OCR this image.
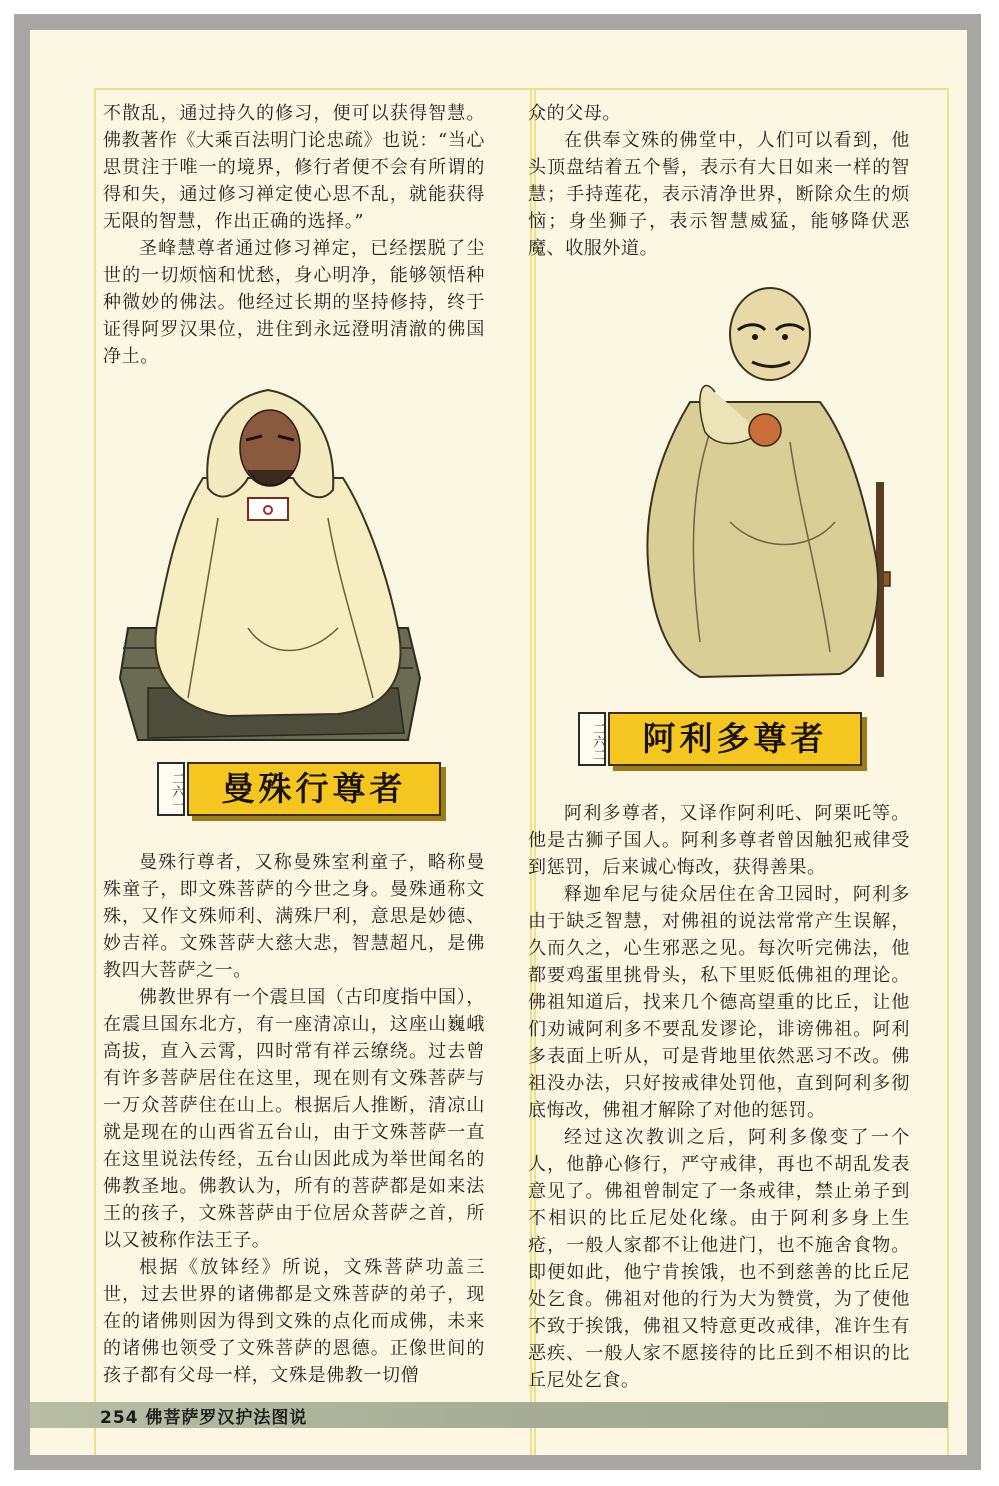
不散乱，通过持久的修习，便可以获得智慧。佛教著作《大乘百法明门论忠疏》也说：“当心思贯注于唯一的境界，修行者便不会有所谓的得和失，通过修习禅定使心思不乱，就能获得无限的智慧，作出正确的选择。”

圣峰慧尊者通过修习禅定，已经摆脱了尘世的一切烦恼和忧愁，身心明净，能够领悟种种微妙的佛法。他经过长期的坚持修持，终于证得阿罗汉果位，进住到永远澄明清澈的佛国净土。

二六一	曼殊行尊者

曼殊行尊者，又称曼殊室利童子，略称曼殊童子，即文殊菩萨的今世之身。曼殊通称文殊，又作文殊师利、满殊尸利，意思是妙德、妙吉祥。文殊菩萨大慈大悲，智慧超凡，是佛教四大菩萨之一。

佛教世界有一个震旦国（古印度指中国），在震旦国东北方，有一座清凉山，这座山巍峨高拔，直入云霄，四时常有祥云缭绕。过去曾有许多菩萨居住在这里，现在则有文殊菩萨与一万众菩萨住在山上。根据后人推断，清凉山就是现在的山西省五台山，由于文殊菩萨一直在这里说法传经，五台山因此成为举世闻名的佛教圣地。佛教认为，所有的菩萨都是如来法王的孩子，文殊菩萨由于位居众菩萨之首，所以又被称作法王子。

根据《放钵经》所说，文殊菩萨功盖三世，过去世界的诸佛都是文殊菩萨的弟子，现在的诸佛则因为得到文殊的点化而成佛，未来的诸佛也领受了文殊菩萨的恩德。正像世间的孩子都有父母一样，文殊是佛教一切僧

众的父母。

在供奉文殊的佛堂中，人们可以看到，他头顶盘结着五个髻，表示有大日如来一样的智慧；手持莲花，表示清净世界，断除众生的烦恼；身坐狮子，表示智慧威猛，能够降伏恶魔、收服外道。

二六二	阿利多尊者

阿利多尊者，又译作阿利吒、阿栗吒等。他是古狮子国人。阿利多尊者曾因触犯戒律受到惩罚，后来诚心悔改，获得善果。

释迦牟尼与徒众居住在舍卫园时，阿利多由于缺乏智慧，对佛祖的说法常常产生误解，久而久之，心生邪恶之见。每次听完佛法，他都要鸡蛋里挑骨头，私下里贬低佛祖的理论。佛祖知道后，找来几个德高望重的比丘，让他们劝诫阿利多不要乱发谬论，诽谤佛祖。阿利多表面上听从，可是背地里依然恶习不改。佛祖没办法，只好按戒律处罚他，直到阿利多彻底悔改，佛祖才解除了对他的惩罚。

经过这次教训之后，阿利多像变了一个人，他静心修行，严守戒律，再也不胡乱发表意见了。佛祖曾制定了一条戒律，禁止弟子到不相识的比丘尼处化缘。由于阿利多身上生疮，一般人家都不让他进门，也不施舍食物。即便如此，他宁肯挨饿，也不到慈善的比丘尼处乞食。佛祖对他的行为大为赞赏，为了使他不致于挨饿，佛祖又特意更改戒律，准许生有恶疾、一般人家不愿接待的比丘到不相识的比丘尼处乞食。

254 佛菩萨罗汉护法图说
